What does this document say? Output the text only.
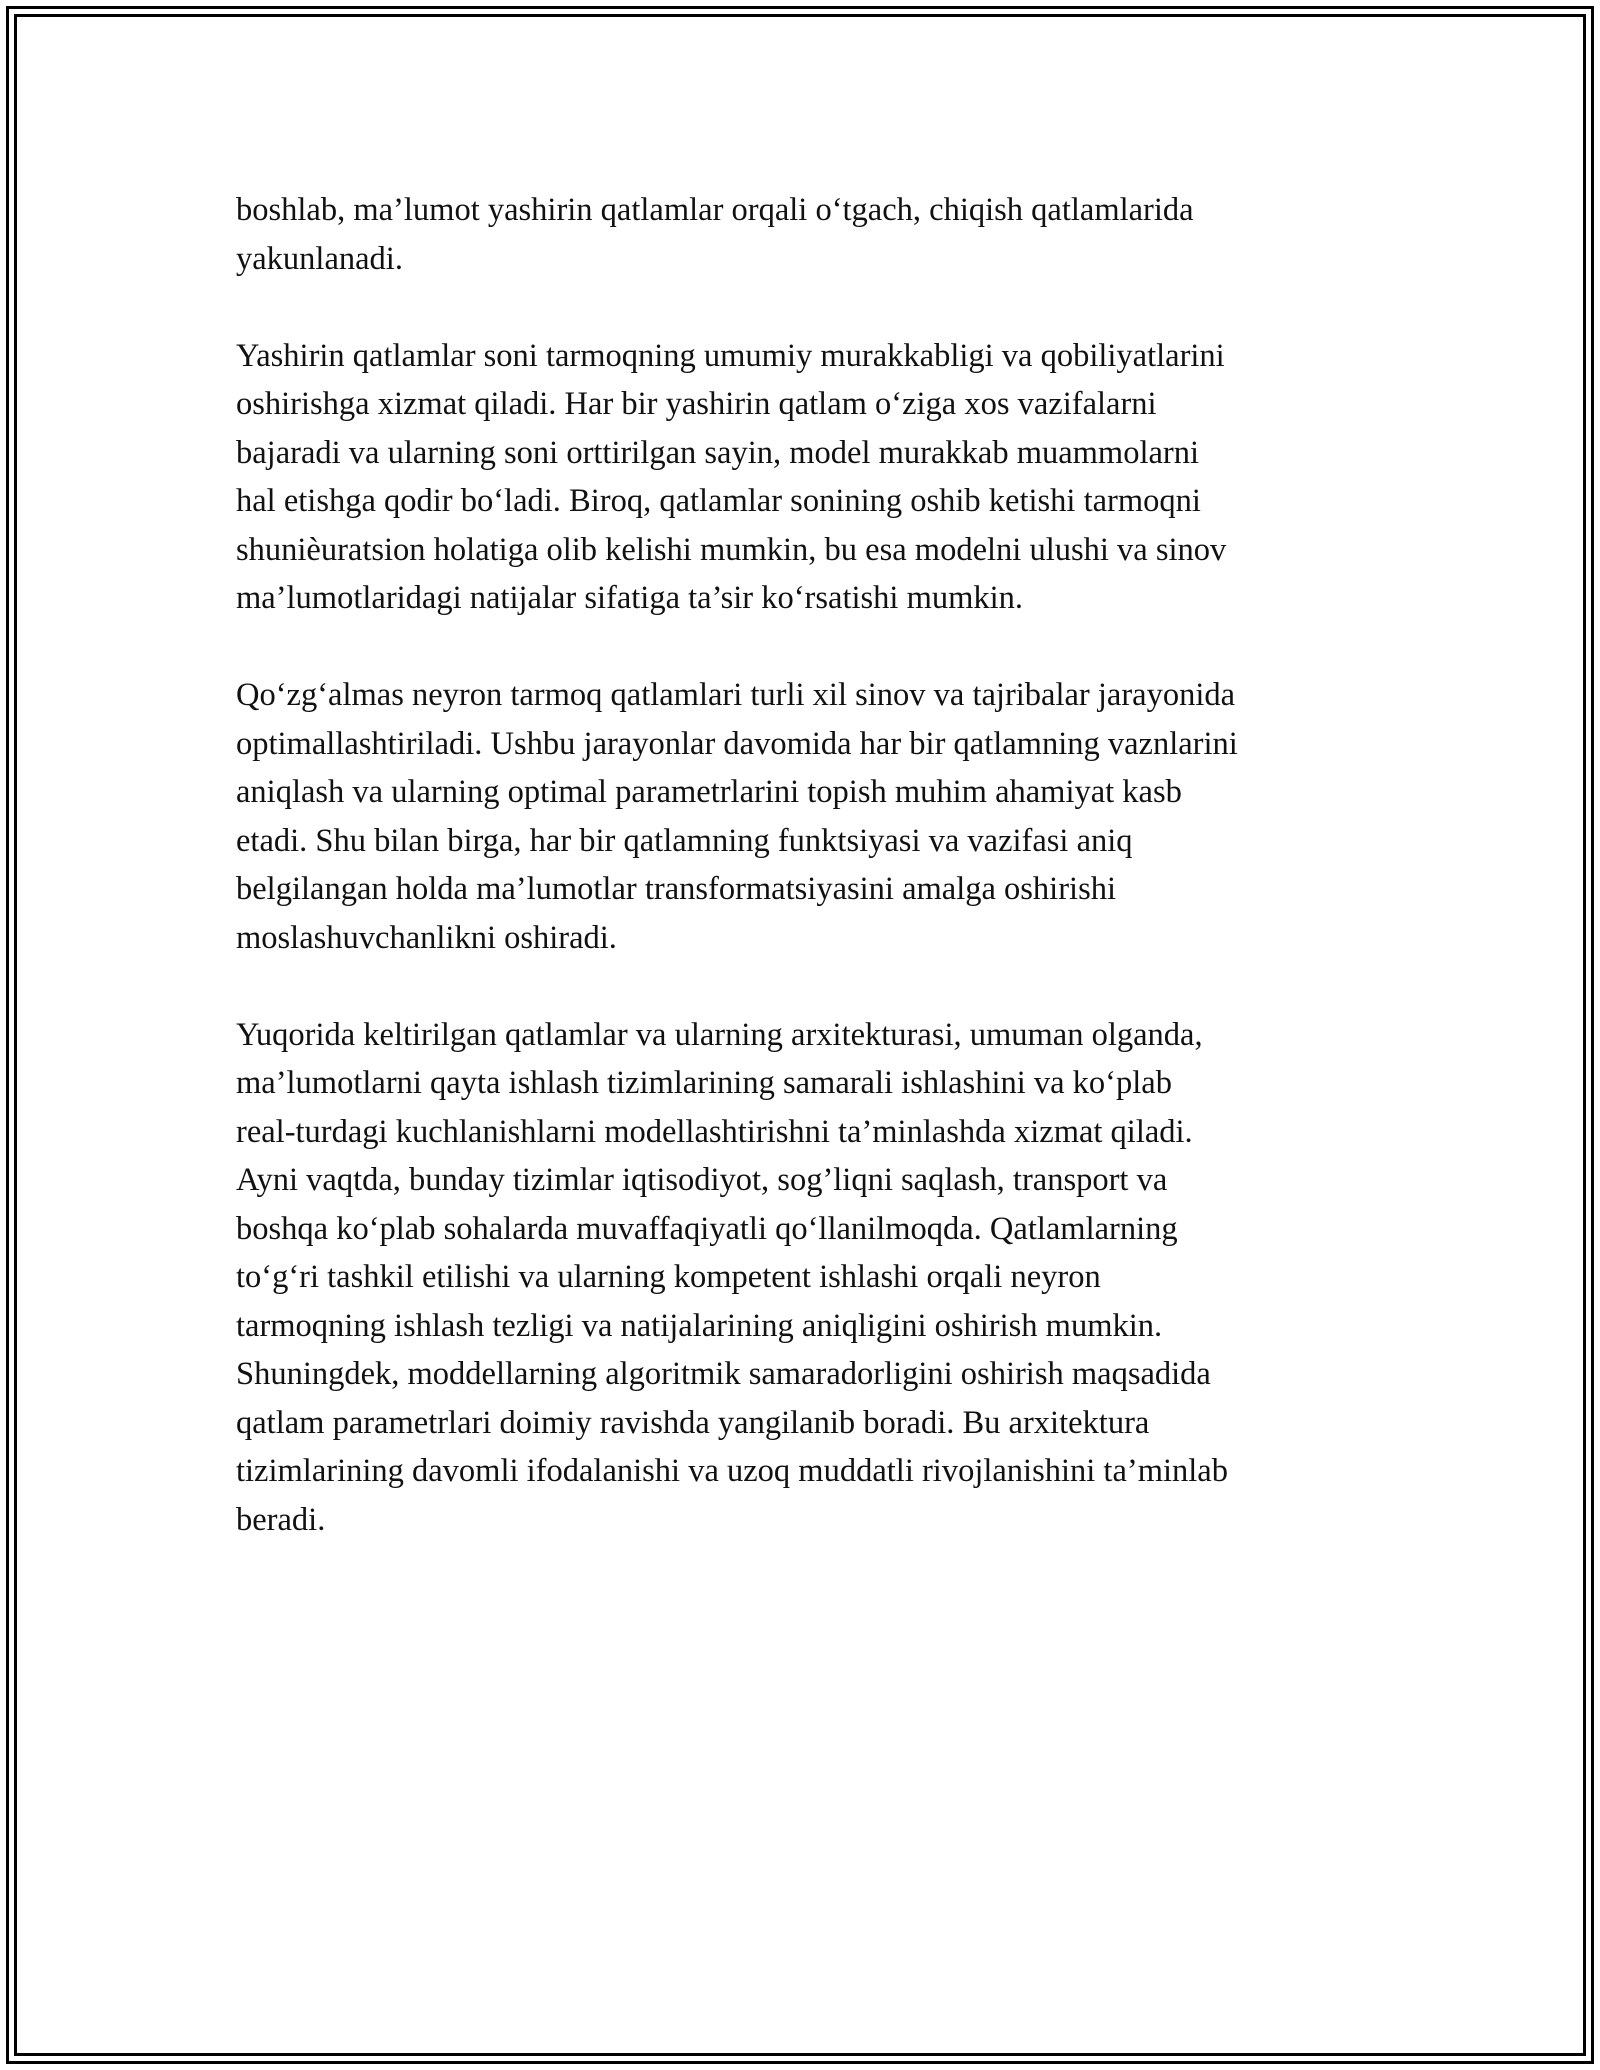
boshlab, ma’lumot yashirin qatlamlar orqali o‘tgach, chiqish qatlamlarida
yakunlanadi.

Yashirin qatlamlar soni tarmoqning umumiy murakkabligi va qobiliyatlarini
oshirishga xizmat qiladi. Har bir yashirin qatlam o‘ziga xos vazifalarni
bajaradi va ularning soni orttirilgan sayin, model murakkab muammolarni
hal etishga qodir bo‘ladi. Biroq, qatlamlar sonining oshib ketishi tarmoqni
shunièuratsion holatiga olib kelishi mumkin, bu esa modelni ulushi va sinov
ma’lumotlaridagi natijalar sifatiga ta’sir ko‘rsatishi mumkin.

Qo‘zg‘almas neyron tarmoq qatlamlari turli xil sinov va tajribalar jarayonida
optimallashtiriladi. Ushbu jarayonlar davomida har bir qatlamning vaznlarini
aniqlash va ularning optimal parametrlarini topish muhim ahamiyat kasb
etadi. Shu bilan birga, har bir qatlamning funktsiyasi va vazifasi aniq
belgilangan holda ma’lumotlar transformatsiyasini amalga oshirishi
moslashuvchanlikni oshiradi.

Yuqorida keltirilgan qatlamlar va ularning arxitekturasi, umuman olganda,
ma’lumotlarni qayta ishlash tizimlarining samarali ishlashini va ko‘plab
real-turdagi kuchlanishlarni modellashtirishni ta’minlashda xizmat qiladi.
Ayni vaqtda, bunday tizimlar iqtisodiyot, sog’liqni saqlash, transport va
boshqa ko‘plab sohalarda muvaffaqiyatli qo‘llanilmoqda. Qatlamlarning
to‘g‘ri tashkil etilishi va ularning kompetent ishlashi orqali neyron
tarmoqning ishlash tezligi va natijalarining aniqligini oshirish mumkin.
Shuningdek, moddellarning algoritmik samaradorligini oshirish maqsadida
qatlam parametrlari doimiy ravishda yangilanib boradi. Bu arxitektura
tizimlarining davomli ifodalanishi va uzoq muddatli rivojlanishini ta’minlab
beradi.
